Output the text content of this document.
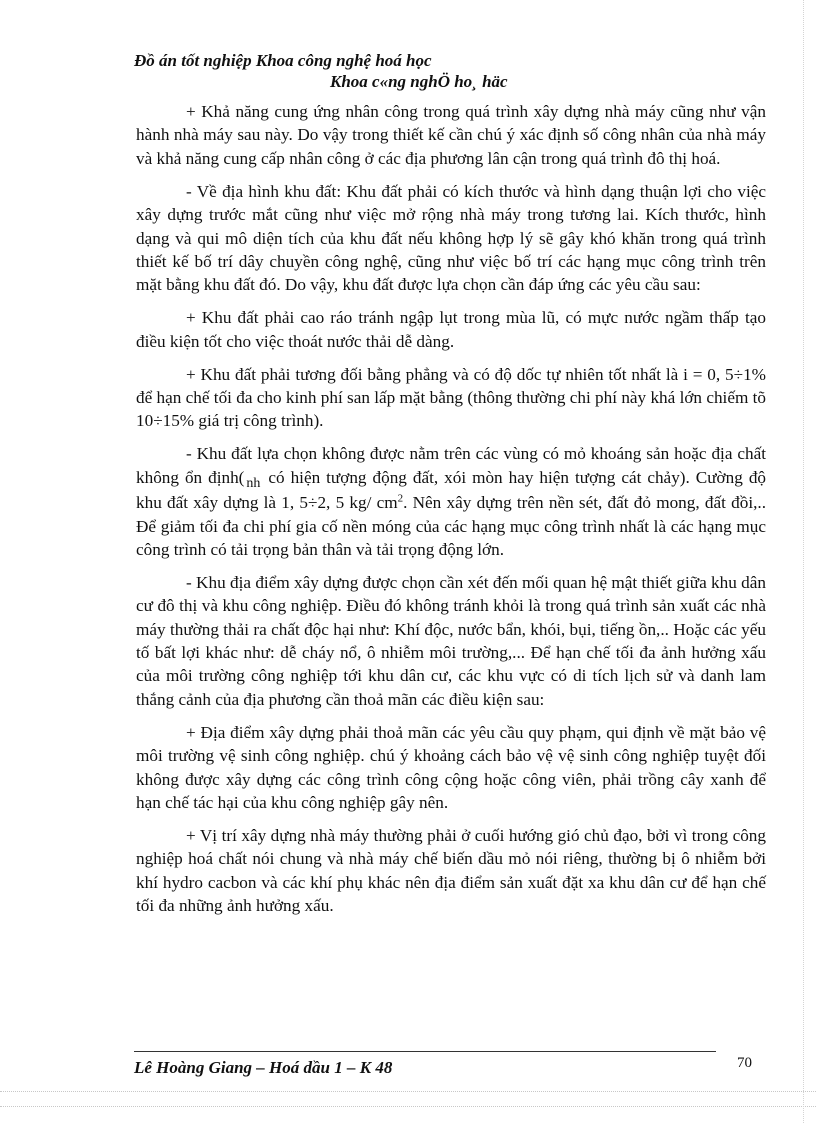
Đồ án tốt nghiệp Khoa công nghệ hoá học
Khoa c«ng nghÖ ho¸ häc

+ Khả năng cung ứng nhân công trong quá trình xây dựng nhà máy cũng như vận hành nhà máy sau này. Do vậy trong thiết kế cần chú ý xác định số công nhân của nhà máy và khả năng cung cấp nhân công ở các địa phương lân cận trong quá trình đô thị hoá.

- Về địa hình khu đất: Khu đất phải có kích thước và hình dạng thuận lợi cho việc xây dựng trước mắt cũng như việc mở rộng nhà máy trong tương lai. Kích thước, hình dạng và qui mô diện tích của khu đất nếu không hợp lý sẽ gây khó khăn trong quá trình thiết kế bố trí dây chuyền công nghệ, cũng như việc bố trí các hạng mục công trình trên mặt bằng khu đất đó. Do vậy, khu đất được lựa chọn cần đáp ứng các yêu cầu sau:

+ Khu đất phải cao ráo tránh ngập lụt trong mùa lũ, có mực nước ngầm thấp tạo điều kiện tốt cho việc thoát nước thải dễ dàng.

+ Khu đất phải tương đối bằng phẳng và có độ dốc tự nhiên tốt nhất là i = 0, 5÷1% để hạn chế tối đa cho kinh phí san lấp mặt bằng (thông thường chi phí này khá lớn chiếm tõ 10÷15% giá trị công trình).

- Khu đất lựa chọn không được nằm trên các vùng có mỏ khoáng sản hoặc địa chất không ổn định( $_{nh}$ có hiện tượng động đất, xói mòn hay hiện tượng cát chảy). Cường độ khu đất xây dựng là 1, 5÷2, 5 kg/ $cm^2$. Nên xây dựng trên nền sét, đất đỏ mong, đất đồi,.. Để giảm tối đa chi phí gia cố nền móng của các hạng mục công trình nhất là các hạng mục công trình có tải trọng bản thân và tải trọng động lớn.

- Khu địa điểm xây dựng được chọn cần xét đến mối quan hệ mật thiết giữa khu dân cư đô thị và khu công nghiệp. Điều đó không tránh khỏi là trong quá trình sản xuất các nhà máy thường thải ra chất độc hại như: Khí độc, nước bẩn, khói, bụi, tiếng ồn,.. Hoặc các yếu tố bất lợi khác như: dễ cháy nổ, ô nhiễm môi trường,... Để hạn chế tối đa ảnh hưởng xấu của môi trường công nghiệp tới khu dân cư, các khu vực có di tích lịch sử và danh lam thắng cảnh của địa phương cần thoả mãn các điều kiện sau:

+ Địa điểm xây dựng phải thoả mãn các yêu cầu quy phạm, qui định về mặt bảo vệ môi trường vệ sinh công nghiệp. chú ý khoảng cách bảo vệ vệ sinh công nghiệp tuyệt đối không được xây dựng các công trình công cộng hoặc công viên, phải trồng cây xanh để hạn chế tác hại của khu công nghiệp gây nên.

+ Vị trí xây dựng nhà máy thường phải ở cuối hướng gió chủ đạo, bởi vì trong công nghiệp hoá chất nói chung và nhà máy chế biến dầu mỏ nói riêng, thường bị ô nhiễm bởi khí hydro cacbon và các khí phụ khác nên địa điểm sản xuất đặt xa khu dân cư để hạn chế tối đa những ảnh hưởng xấu.

Lê Hoàng Giang – Hoá dầu 1 – K 48	70
